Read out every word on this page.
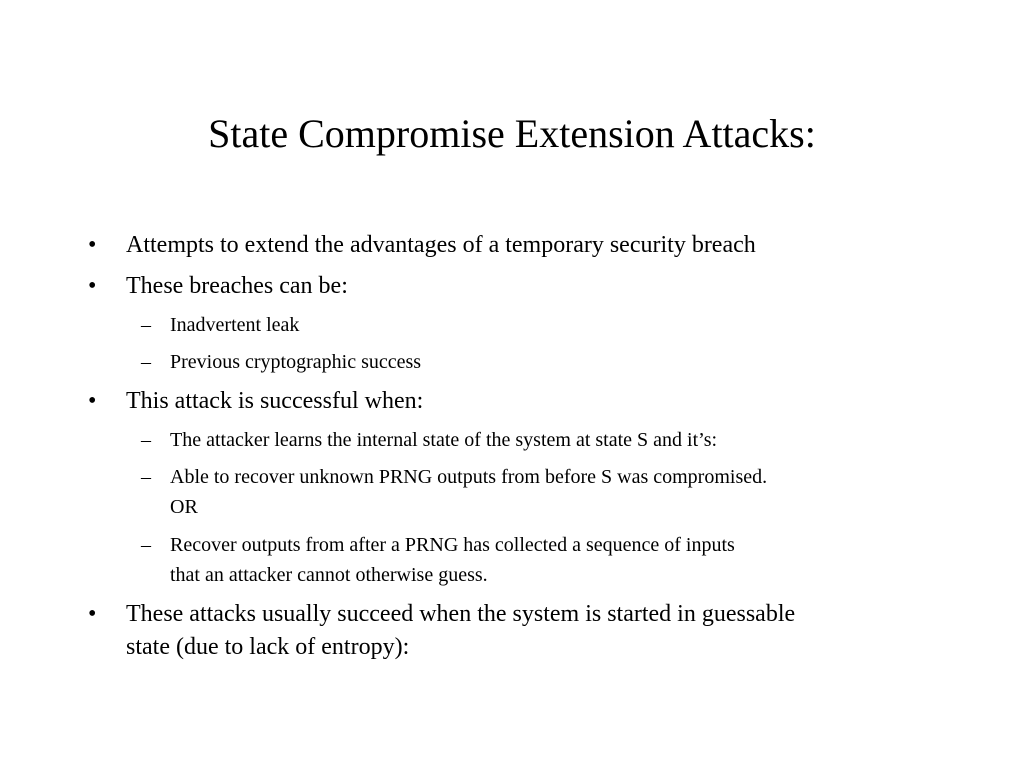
State Compromise Extension Attacks:
•	Attempts to extend the advantages of a temporary security breach
•	These breaches can be:
– Inadvertent leak
– Previous cryptographic success
•	This attack is successful when:
– The attacker learns the internal state of the system at state S and it’s:
– Able to recover unknown PRNG outputs from before S was compromised.
OR
– Recover outputs from after a PRNG has collected a sequence of inputs
that an attacker cannot otherwise guess.
•	These attacks usually succeed when the system is started in guessable
state (due to lack of entropy):
